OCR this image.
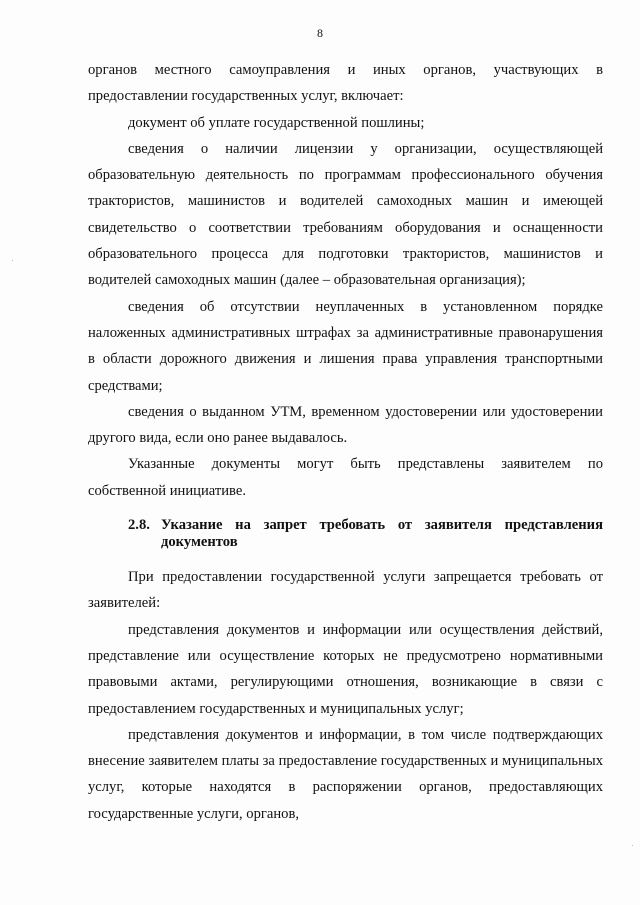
8

органов местного самоуправления и иных органов, участвующих в предоставлении государственных услуг, включает:

документ об уплате государственной пошлины;

сведения о наличии лицензии у организации, осуществляющей образовательную деятельность по программам профессионального обучения трактористов, машинистов и водителей самоходных машин и имеющей свидетельство о соответствии требованиям оборудования и оснащенности образовательного процесса для подготовки трактористов, машинистов и водителей самоходных машин (далее – образовательная организация);

сведения об отсутствии неуплаченных в установленном порядке наложенных административных штрафах за административные правонарушения в области дорожного движения и лишения права управления транспортными средствами;

сведения о выданном УТМ, временном удостоверении или удостоверении другого вида, если оно ранее выдавалось.

Указанные документы могут быть представлены заявителем по собственной инициативе.

2.8. Указание на запрет требовать от заявителя представления документов

При предоставлении государственной услуги запрещается требовать от заявителей:

представления документов и информации или осуществления действий, представление или осуществление которых не предусмотрено нормативными правовыми актами, регулирующими отношения, возникающие в связи с предоставлением государственных и муниципальных услуг;

представления документов и информации, в том числе подтверждающих внесение заявителем платы за предоставление государственных и муниципальных услуг, которые находятся в распоряжении органов, предоставляющих государственные услуги, органов,
